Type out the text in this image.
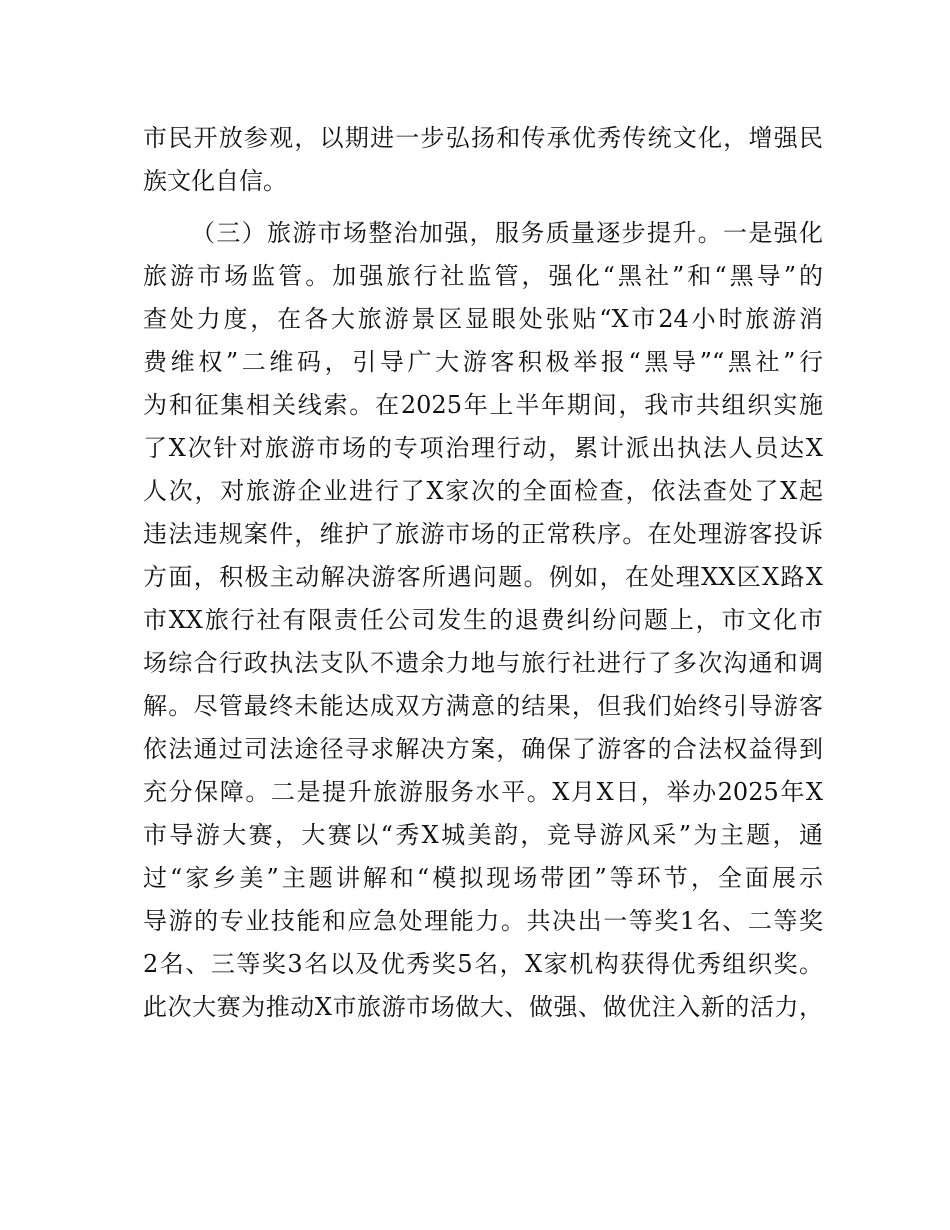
市民开放参观，以期进一步弘扬和传承优秀传统文化，增强民
族文化自信。
（三）旅游市场整治加强，服务质量逐步提升。一是强化
旅游市场监管。加强旅行社监管，强化“黑社”和“黑导”的
查处力度，在各大旅游景区显眼处张贴“X市24小时旅游消
费维权”二维码，引导广大游客积极举报“黑导”“黑社”行
为和征集相关线索。在2025年上半年期间，我市共组织实施
了X次针对旅游市场的专项治理行动，累计派出执法人员达X
人次，对旅游企业进行了X家次的全面检查，依法查处了X起
违法违规案件，维护了旅游市场的正常秩序。在处理游客投诉
方面，积极主动解决游客所遇问题。例如，在处理XX区X路X
市XX旅行社有限责任公司发生的退费纠纷问题上，市文化市
场综合行政执法支队不遗余力地与旅行社进行了多次沟通和调
解。尽管最终未能达成双方满意的结果，但我们始终引导游客
依法通过司法途径寻求解决方案，确保了游客的合法权益得到
充分保障。二是提升旅游服务水平。X月X日，举办2025年X
市导游大赛，大赛以“秀X城美韵，竞导游风采”为主题，通
过“家乡美”主题讲解和“模拟现场带团”等环节，全面展示
导游的专业技能和应急处理能力。共决出一等奖1名、二等奖
2名、三等奖3名以及优秀奖5名，X家机构获得优秀组织奖。
此次大赛为推动X市旅游市场做大、做强、做优注入新的活力，
